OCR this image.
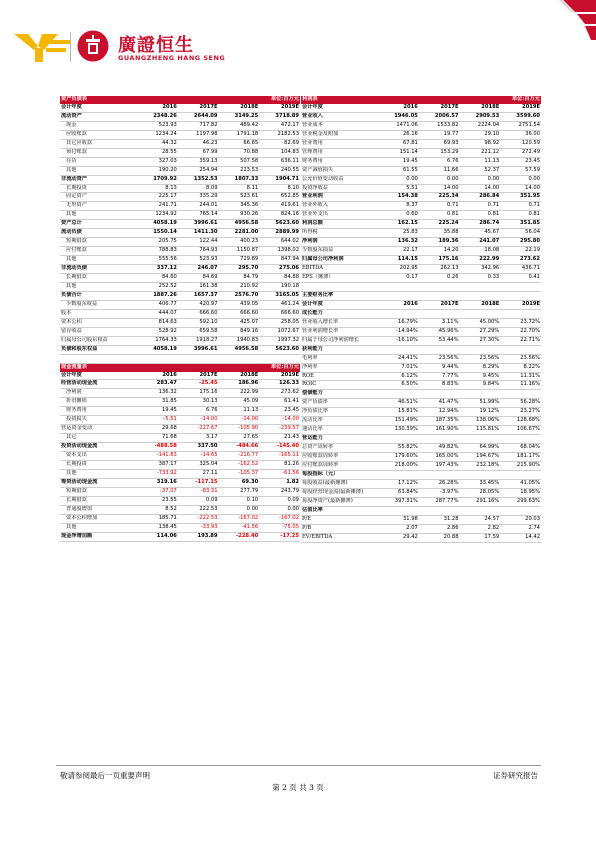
廣證恒生
GUANGZHENG HANG SENG
资产负债表			单位:百万元	
会计年度	2016	2017E	2018E	2019E
流动资产	2348.26	2644.09	3149.25	3718.89
现金	523.93	717.82	489.42	472.17
应收账款	1234.24	1197.98	1791.18	2182.53
其它应收款	44.32	46.23	66.65	82.69
预付账款	28.55	67.99	70.88	104.83
存货	327.03	359.13	507.58	636.11
其他	190.20	254.94	223.53	240.55
非流动资产	1709.92	1352.53	1807.33	1904.71
长期投资	8.13	8.09	8.11	8.10
固定资产	225.17	335.29	523.61	652.85
无形资产	241.71	244.01	345.36	419.61
其他	1234.92	765.14	930.26	824.16
资产总计	4058.19	3996.61	4956.58	5623.60
流动负债	1550.14	1411.30	2281.00	2889.99
短期借款	205.75	122.44	400.23	644.02
应付账款	788.83	764.93	1150.87	1398.02
其他	555.56	523.93	729.89	847.94
非流动负债	337.12	246.07	295.70	275.06
长期借款	84.60	84.69	84.79	84.88
其他	252.52	161.38	210.92	190.18
负债合计	1887.26	1657.37	2576.70	3165.05
少数股东权益	406.77	420.97	439.05	461.24
股本	444.07	666.60	666.60	666.60
资本公积	814.63	592.10	425.07	258.05
留存收益	528.92	659.58	849.16	1072.67
归属母公司股东权益	1764.33	1918.27	1940.83	1997.32
负债和股东权益	4058.19	3996.61	4956.58	5623.60

现金流量表			单位:百万元	
会计年度	2016	2017E	2018E	2019E
经营活动现金流	283.47	-25.45	186.96	126.33
净利润	136.32	175.16	222.99	273.62
折旧摊销	31.85	30.13	45.09	61.41
财务费用	19.45	6.76	11.13	23.45
投资损失	-5.51	-14.00	-14.00	-14.00
营运资金变动	29.68	-227.67	-105.90	-239.57
其它	71.68	3.17	27.65	21.43
投资活动现金流	-488.58	337.50	-484.66	-145.40
资本支出	-141.83	-14.65	-216.77	-165.11
长期投资	387.17	325.04	-162.52	81.26
其他	-733.92	27.11	-105.37	-61.56
筹资活动现金流	319.16	-117.15	69.30	1.82
短期借款	-37.07	-83.31	277.79	243.79
长期借款	23.55	0.09	0.10	0.09
普通股增加	8.52	222.53	0.00	0.00
资本公积增加	185.71	-222.53	-167.02	-167.02
其他	138.45	-33.93	-41.56	-75.05
现金净增加额	114.06	193.89	-228.40	-17.25
利润表			单位:百万元	
会计年度	2016	2017E	2018E	2019E
营业收入	1946.05	2006.57	2909.53	3599.60
营业成本	1471.06	1533.82	2224.04	2751.54
营业税金及附加	26.16	19.77	29.10	36.00
营业费用	67.81	69.93	98.92	120.59
管理费用	151.14	153.29	221.12	272.49
财务费用	19.45	6.76	11.13	23.45
资产减值损失	61.55	11.66	52.37	57.59
公允价值变动收益	0.00	0.00	0.00	0.00
投资净收益	5.51	14.00	14.00	14.00
营业利润	154.38	225.34	286.84	351.95
营业外收入	8.37	0.71	0.71	0.71
营业外支出	0.60	0.81	0.81	0.81
利润总额	162.15	225.24	286.74	351.85
所得税	25.83	35.88	45.67	56.04
净利润	136.32	189.36	241.07	295.80
少数股东损益	22.17	14.20	18.08	22.19
归属母公司净利润	114.15	175.16	222.99	273.62
EBITDA	202.95	262.13	342.96	436.71
EPS（摊薄）	0.17	0.26	0.33	0.41

主要财务比率				
会计年度	2016	2017E	2018E	2019E
成长能力				
营业收入增长率	16.79%	3.11%	45.00%	23.72%
营业利润增长率	-14.94%	45.96%	27.29%	22.70%
归属于母公司净利润增长	-16.10%	53.44%	27.30%	22.71%
获利能力				
毛利率	24.41%	23.56%	23.56%	23.56%
净利率	7.01%	9.44%	8.29%	8.22%
ROE	6.12%	7.77%	9.45%	11.31%
ROIC	6.50%	8.83%	9.84%	11.16%
偿债能力				
资产负债率	46.51%	41.47%	51.99%	56.28%
净负债比率	15.81%	12.94%	19.12%	23.27%
流动比率	151.49%	187.35%	138.06%	128.68%
速动比率	130.39%	161.90%	115.81%	106.67%
营运能力				
总资产周转率	55.82%	49.82%	64.99%	68.04%
应收账款周转率	179.60%	165.00%	194.67%	181.17%
应付账款周转率	218.00%	197.43%	232.18%	215.90%
每股指标（元）				
每股收益(最新摊薄)	17.12%	26.28%	33.45%	41.05%
每股经营现金流(最新摊薄)	63.84%	-3.97%	28.05%	18.95%
每股净资产(最新摊薄)	397.31%	287.77%	291.16%	299.63%
估值比率				
P/E	31.98	31.28	24.57	20.03
P/B	2.07	2.86	2.82	2.74
EV/EBITDA	29.42	20.88	17.59	14.42
敬请参阅最后一页重要声明	证券研究报告
第 2 页 共 3 页
